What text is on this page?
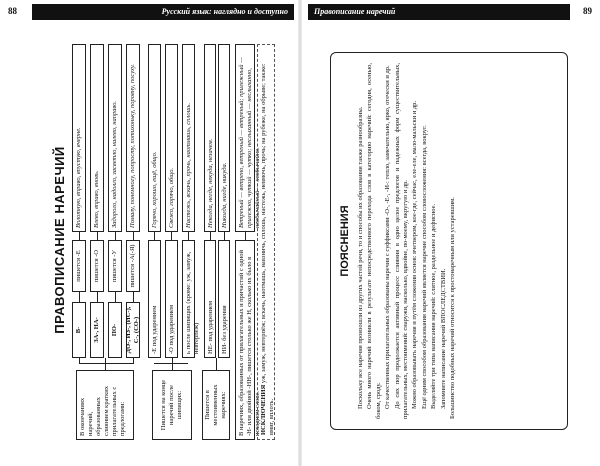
88	Русский язык: наглядно и доступно
ПРАВОПИСАНИЕ НАРЕЧИЙ
В окончаниях наречий, образованных слиянием кратких прилагательных с предлогами:
В-	ЗА-, НА-	ПО-	ДО-, ИЗ-, (ИС-), С-, (СО-)
пишется -Е	пишется -О	пишется -У	пишется -А(-Я)
Вплотную, вправо, впустую, вчерне.	Влево, вправо, вновь.	Задорого, надолго, засветло, налево, направо.	Помалу, понемногу, попросту, потихоньку, поровну, посуху.
Пишется на конце наречий после шипящих:
-Е под ударением	-О под ударением	ь после шипящих (кроме: уж, замуж, невтерпёж)
Горячо, хорошо, ещё, общо.	Свежо, горячо, общо.	Настежь, вскачь, прочь, наотмашь, сплошь.
Пишется в местоименных наречиях:
НЕ- под ударением	НИ- без ударения
Некогда, негде, некуда, незачем.	Никогда, нигде, никуда.
В наречиях, образованных от прилагательных и причастий с одной -Н- или двойной -НН-, пишется столько же Н, сколько их было в исходном слове.
Ветреный — ветрено, ветреный — ветреный; прилежный — прилежно, чуткий — чутко; неслыханный — неслыханно, необычайный — необычайно.
ИСКЛЮЧЕНИЯ уж, замуж, невтерпёж; вскачь, наотмашь, навзничь, сплошь, настежь, невмочь, прочь; на рубеже, на обрыве; также: вмиг, вплоть.
89
Правописание наречий
ПОЯСНЕНИЯ Поскольку все наречия произошли из других частей речи, то и способы их образования также разнообразны. Очень много наречий возникли в результате непосредственного перехода слов в категорию наречий: сегодня, осенью, боком, сроду. От качественных прилагательных образованы наречия с суффиксами -О-, -Е-, -И-: тепло, замечательно, ярко, отечески и др. До сих пор продолжается активный процесс слияния в одно целое предлогов и падежных форм существительных, прилагательных, местоимений: снаружи, насколько, вдвойне, по-моему, вкругую и др. Можно образовывать наречия и путём сложения основ: вчетвером, кое-где, сейчас, еле-еле, мало-мальски и др. Ещё одним способом образования наречий является наречие способом словосложения: всегда, вокруг. Выделяйте три типа написания наречий: слитное, раздельное и дефисное. Запомните написание наречий ВПОСЛЕДСТВИИ. Большинство подобных наречий относится к простонаречным или устаревшим.
